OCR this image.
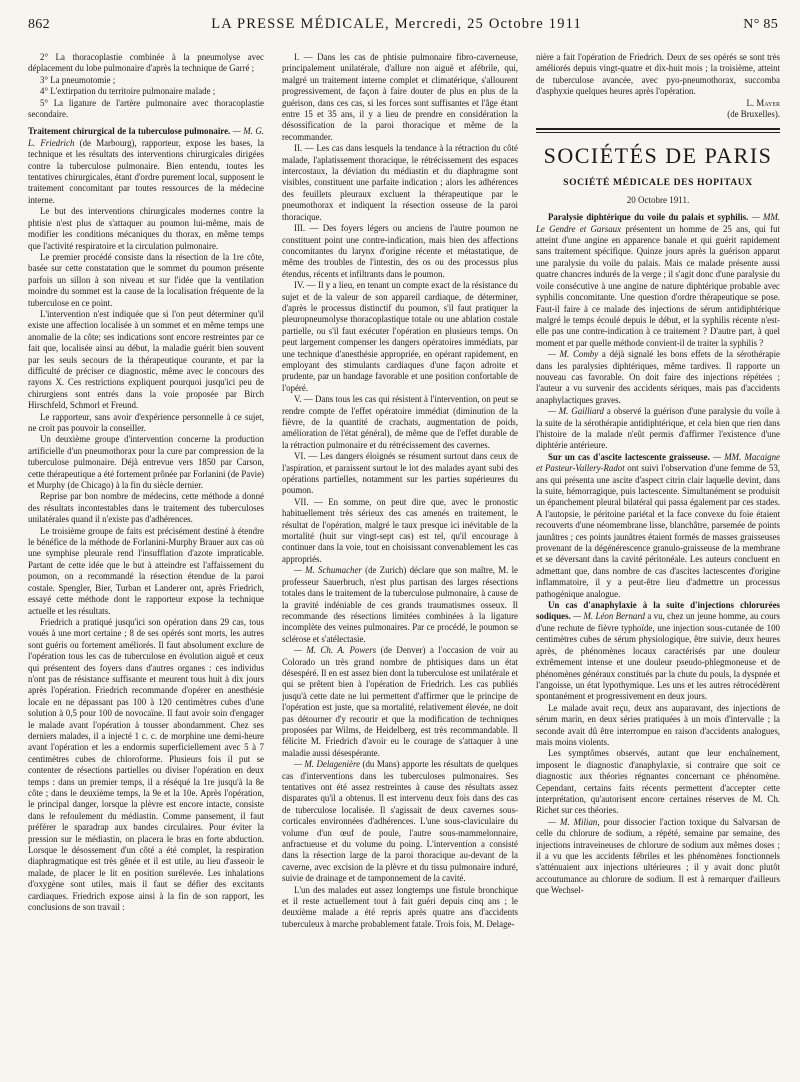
862	LA PRESSE MÉDICALE, Mercredi, 25 Octobre 1911	N° 85

2° La thoracoplastie combinée à la pneumolyse avec déplacement du lobe pulmonaire d'après la technique de Garré ;

3° La pneumotomie ;

4° L'extirpation du territoire pulmonaire malade ;

5° La ligature de l'artère pulmonaire avec thoracoplastie secondaire.

Traitement chirurgical de la tuberculose pulmonaire. — M. G. L. Friedrich (de Marbourg), rapporteur, expose les bases, la technique et les résultats des interventions chirurgicales dirigées contre la tuberculose pulmonaire. Bien entendu, toutes les tentatives chirurgicales, étant d'ordre purement local, supposent le traitement concomitant par toutes ressources de la médecine interne.

Le but des interventions chirurgicales modernes contre la phtisie n'est plus de s'attaquer au poumon lui-même, mais de modifier les conditions mécaniques du thorax, en même temps que l'activité respiratoire et la circulation pulmonaire.

Le premier procédé consiste dans la résection de la 1re côte, basée sur cette constatation que le sommet du poumon présente parfois un sillon à son niveau et sur l'idée que la ventilation moindre du sommet est la cause de la localisation fréquente de la tuberculose en ce point.

L'intervention n'est indiquée que si l'on peut déterminer qu'il existe une affection localisée à un sommet et en même temps une anomalie de la côte; ses indications sont encore restreintes par ce fait que, localisée ainsi au début, la maladie guérit bien souvent par les seuls secours de la thérapeutique courante, et par la difficulté de préciser ce diagnostic, même avec le concours des rayons X. Ces restrictions expliquent pourquoi jusqu'ici peu de chirurgiens sont entrés dans la voie proposée par Birch Hirschfeld, Schmorl et Freund.

Le rapporteur, sans avoir d'expérience personnelle à ce sujet, ne croit pas pouvoir la conseiller.

Un deuxième groupe d'intervention concerne la production artificielle d'un pneumothorax pour la cure par compression de la tuberculose pulmonaire. Déjà entrevue vers 1850 par Carson, cette thérapeutique a été fortement prônée par Forlanini (de Pavie) et Murphy (de Chicago) à la fin du siècle dernier.

Reprise par bon nombre de médecins, cette méthode a donné des résultats incontestables dans le traitement des tuberculoses unilatérales quand il n'existe pas d'adhérences.

Le troisième groupe de faits est précisément destiné à étendre le bénéfice de la méthode de Forlanini-Murphy Brauer aux cas où une symphise pleurale rend l'insufflation d'azote impraticable. Partant de cette idée que le but à atteindre est l'affaissement du poumon, on a recommandé la résection étendue de la paroi costale. Spengler, Bier, Turban et Landerer ont, après Friedrich, essayé cette méthode dont le rapporteur expose la technique actuelle et les résultats.

Friedrich a pratiqué jusqu'ici son opération dans 29 cas, tous voués à une mort certaine ; 8 de ses opérés sont morts, les autres sont guéris ou fortement améliorés. Il faut absolument exclure de l'opération tous les cas de tuberculose en évolution aiguë et ceux qui présentent des foyers dans d'autres organes : ces individus n'ont pas de résistance suffisante et meurent tous huit à dix jours après l'opération. Friedrich recommande d'opérer en anesthésie locale en ne dépassant pas 100 à 120 centimètres cubes d'une solution à 0,5 pour 100 de novocaïne. Il faut avoir soin d'engager le malade avant l'opération à tousser abondamment. Chez ses derniers malades, il a injecté 1 c. c. de morphine une demi-heure avant l'opération et les a endormis superficiellement avec 5 à 7 centimètres cubes de chloroforme. Plusieurs fois il put se contenter de résections partielles ou diviser l'opération en deux temps : dans un premier temps, il a réséqué la 1re jusqu'à la 8e côte ; dans le deuxième temps, la 9e et la 10e. Après l'opération, le principal danger, lorsque la plèvre est encore intacte, consiste dans le refoulement du médiastin. Comme pansement, il faut préférer le sparadrap aux bandes circulaires. Pour éviter la pression sur le médiastin, on placera le bras en forte abduction. Lorsque le désossement d'un côté a été complet, la respiration diaphragmatique est très gênée et il est utile, au lieu d'asseoir le malade, de placer le lit en position surélevée. Les inhalations d'oxygène sont utiles, mais il faut se défier des excitants cardiaques. Friedrich expose ainsi à la fin de son rapport, les conclusions de son travail :

I. — Dans les cas de phtisie pulmonaire fibro-caverneuse, principalement unilatérale, d'allure non aiguë et afébrile, qui, malgré un traitement interne complet et climatérique, s'allourent progressivement, de façon à faire douter de plus en plus de la guérison, dans ces cas, si les forces sont suffisantes et l'âge étant entre 15 et 35 ans, il y a lieu de prendre en considération la désossification de la paroi thoracique et même de la recommander.

II. — Les cas dans lesquels la tendance à la rétraction du côté malade, l'aplatissement thoracique, le rétrécissement des espaces intercostaux, la déviation du médiastin et du diaphragme sont visibles, constituent une parfaite indication ; alors les adhérences des feuillets pleuraux excluent la thérapeutique par le pneumothorax et indiquent la résection osseuse de la paroi thoracique.

III. — Des foyers légers ou anciens de l'autre poumon ne constituent point une contre-indication, mais bien des affections concomitantes du larynx d'origine récente et métastatique, de même des troubles de l'intestin, des os ou des processus plus étendus, récents et infiltrants dans le poumon.

IV. — Il y a lieu, en tenant un compte exact de la résistance du sujet et de la valeur de son appareil cardiaque, de déterminer, d'après le processus distinctif du poumon, s'il faut pratiquer la pleuropneumolyse thoracoplastique totale ou une ablation costale partielle, ou s'il faut exécuter l'opération en plusieurs temps. On peut largement compenser les dangers opératoires immédiats, par une technique d'anesthésie appropriée, en opérant rapidement, en employant des stimulants cardiaques d'une façon adroite et prudente, par un bandage favorable et une position confortable de l'opéré.

V. — Dans tous les cas qui résistent à l'intervention, on peut se rendre compte de l'effet opératoire immédiat (diminution de la fièvre, de la quantité de crachats, augmentation de poids, amélioration de l'état général), de même que de l'effet durable de la rétraction pulmonaire et du rétrécissement des cavernes.

VI. — Les dangers éloignés se résument surtout dans ceux de l'aspiration, et paraissent surtout le lot des malades ayant subi des opérations partielles, notamment sur les parties supérieures du poumon.

VII. — En somme, on peut dire que, avec le pronostic habituellement très sérieux des cas amenés en traitement, le résultat de l'opération, malgré le taux presque ici inévitable de la mortalité (huit sur vingt-sept cas) est tel, qu'il encourage à continuer dans la voie, tout en choisissant convenablement les cas appropriés.

— M. Schumacher (de Zurich) déclare que son maître, M. le professeur Sauerbruch, n'est plus partisan des larges résections totales dans le traitement de la tuberculose pulmonaire, à cause de la gravité indéniable de ces grands traumatismes osseux. Il recommande des résections limitées combinées à la ligature incomplète des veines pulmonaires. Par ce procédé, le poumon se sclérose et s'atélectasie.

— M. Ch. A. Powers (de Denver) a l'occasion de voir au Colorado un très grand nombre de phtisiques dans un état désespéré. Il en est assez bien dont la tuberculose est unilatérale et qui se prêtent bien à l'opération de Friedrich. Les cas publiés jusqu'à cette date ne lui permettent d'affirmer que le principe de l'opération est juste, que sa mortalité, relativement élevée, ne doit pas détourner d'y recourir et que la modification de techniques proposées par Wilms, de Heidelberg, est très recommandable. Il félicite M. Friedrich d'avoir eu le courage de s'attaquer à une maladie aussi désespérante.

— M. Delagenière (du Mans) apporte les résultats de quelques cas d'interventions dans les tuberculoses pulmonaires. Ses tentatives ont été assez restreintes à cause des résultats assez disparates qu'il a obtenus. Il est intervenu deux fois dans des cas de tuberculose localisée. Il s'agissait de deux cavernes sous-corticales environnées d'adhérences. L'une sous-claviculaire du volume d'un œuf de poule, l'autre sous-mammelonnaire, anfractueuse et du volume du poing. L'intervention a consisté dans la résection large de la paroi thoracique au-devant de la caverne, avec excision de la plèvre et du tissu pulmonaire induré, suivie de drainage et de tamponnement de la cavité.

L'un des malades eut assez longtemps une fistule bronchique et il reste actuellement tout à fait guéri depuis cinq ans ; le deuxième malade a été repris après quatre ans d'accidents tuberculeux à marche probablement fatale. Trois fois, M. Delage-

nière a fait l'opération de Friedrich. Deux de ses opérés se sont très améliorés depuis vingt-quatre et dix-huit mois ; la troisième, atteint de tuberculose avancée, avec pyo-pneumothorax, succomba d'asphyxie quelques heures après l'opération.

L. Mayer

(de Bruxelles).

SOCIÉTÉS DE PARIS
SOCIÉTÉ MÉDICALE DES HOPITAUX
20 Octobre 1911.

Paralysie diphtérique du voile du palais et syphilis. — MM. Le Gendre et Garsaux présentent un homme de 25 ans, qui fut atteint d'une angine en apparence banale et qui guérit rapidement sans traitement spécifique. Quinze jours après la guérison apparut une paralysie du voile du palais. Mais ce malade présente aussi quatre chancres indurés de la verge ; il s'agit donc d'une paralysie du voile consécutive à une angine de nature diphtérique probable avec syphilis concomitante. Une question d'ordre thérapeutique se pose. Faut-il faire à ce malade des injections de sérum antidiphtérique malgré le temps écoulé depuis le début, et la syphilis récente n'est-elle pas une contre-indication à ce traitement ? D'autre part, à quel moment et par quelle méthode convient-il de traiter la syphilis ?

— M. Comby a déjà signalé les bons effets de la sérothérapie dans les paralysies diphtériques, même tardives. Il rapporte un nouveau cas favorable. On doit faire des injections répétées ; l'auteur a vu survenir des accidents sériques, mais pas d'accidents anaphylactiques graves.

— M. Gailliard a observé la guérison d'une paralysie du voile à la suite de la sérothérapie antidiphtérique, et cela bien que rien dans l'histoire de la malade n'eût permis d'affirmer l'existence d'une diphtérie antérieure.

Sur un cas d'ascite lactescente graisseuse. — MM. Macaigne et Pasteur-Vallery-Radot ont suivi l'observation d'une femme de 53, ans qui présenta une ascite d'aspect citrin clair laquelle devint, dans la suite, hémorragique, puis lactescente. Simultanément se produisit un épanchement pleural bilatéral qui passa également par ces stades. A l'autopsie, le péritoine pariétal et la face convexe du foie étaient recouverts d'une néomembrane lisse, blanchâtre, parsemée de points jaunâtres ; ces points jaunâtres étaient formés de masses graisseuses provenant de la dégénérescence granulo-graisseuse de la membrane et se déversant dans la cavité péritonéale. Les auteurs concluent en admettant que, dans nombre de cas d'ascites lactescentes d'origine inflammatoire, il y a peut-être lieu d'admettre un processus pathogénique analogue.

Un cas d'anaphylaxie à la suite d'injections chlorurées sodiques. — M. Léon Bernard a vu, chez un jeune homme, au cours d'une rechute de fièvre typhoïde, une injection sous-cutanée de 100 centimètres cubes de sérum physiologique, être suivie, deux heures après, de phénomènes locaux caractérisés par une douleur extrêmement intense et une douleur pseudo-phlegmoneuse et de phénomènes généraux constitués par la chute du pouls, la dyspnée et l'angoisse, un état lypothymique. Les uns et les autres rétrocédèrent spontanément et progressivement en deux jours.

Le malade avait reçu, deux ans auparavant, des injections de sérum marin, en deux séries pratiquées à un mois d'intervalle ; la seconde avait dû être interrompue en raison d'accidents analogues, mais moins violents.

Les symptômes observés, autant que leur enchaînement, imposent le diagnostic d'anaphylaxie, si contraire que soit ce diagnostic aux théories régnantes concernant ce phénomène. Cependant, certains faits récents permettent d'accepter cette interprétation, qu'autorisent encore certaines réserves de M. Ch. Richet sur ces théories.

— M. Milian, pour dissocier l'action toxique du Salvarsan de celle du chlorure de sodium, a répété, semaine par semaine, des injections intraveineuses de chlorure de sodium aux mêmes doses ; il a vu que les accidents fébriles et les phénomènes fonctionnels s'atténuaient aux injections ultérieures ; il y avait donc plutôt accoutumance au chlorure de sodium. Il est à remarquer d'ailleurs que Wechsel-
